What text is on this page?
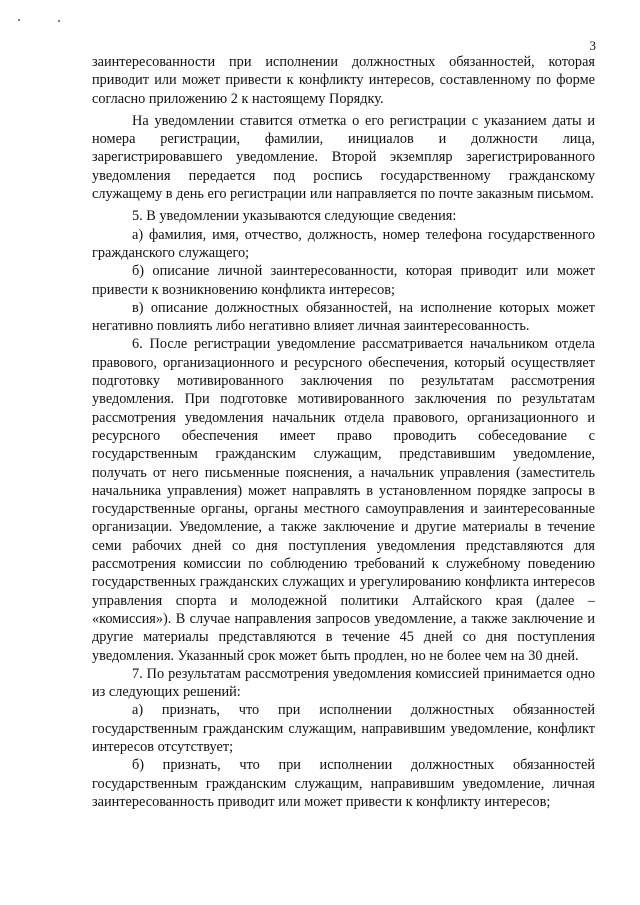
3

заинтересованности при исполнении должностных обязанностей, которая приводит или может привести к конфликту интересов, составленному по форме согласно приложению 2 к настоящему Порядку.

На уведомлении ставится отметка о его регистрации с указанием даты и номера регистрации, фамилии, инициалов и должности лица, зарегистрировавшего уведомление. Второй экземпляр зарегистрированного уведомления передается под роспись государственному гражданскому служащему в день его регистрации или направляется по почте заказным письмом.

5. В уведомлении указываются следующие сведения:

а) фамилия, имя, отчество, должность, номер телефона государственного гражданского служащего;

б) описание личной заинтересованности, которая приводит или может привести к возникновению конфликта интересов;

в) описание должностных обязанностей, на исполнение которых может негативно повлиять либо негативно влияет личная заинтересованность.

6. После регистрации уведомление рассматривается начальником отдела правового, организационного и ресурсного обеспечения, который осуществляет подготовку мотивированного заключения по результатам рассмотрения уведомления. При подготовке мотивированного заключения по результатам рассмотрения уведомления начальник отдела правового, организационного и ресурсного обеспечения имеет право проводить собеседование с государственным гражданским служащим, представившим уведомление, получать от него письменные пояснения, а начальник управления (заместитель начальника управления) может направлять в установленном порядке запросы в государственные органы, органы местного самоуправления и заинтересованные организации. Уведомление, а также заключение и другие материалы в течение семи рабочих дней со дня поступления уведомления представляются для рассмотрения комиссии по соблюдению требований к служебному поведению государственных гражданских служащих и урегулированию конфликта интересов управления спорта и молодежной политики Алтайского края (далее – «комиссия»). В случае направления запросов уведомление, а также заключение и другие материалы представляются в течение 45 дней со дня поступления уведомления. Указанный срок может быть продлен, но не более чем на 30 дней.

7. По результатам рассмотрения уведомления комиссией принимается одно из следующих решений:

а) признать, что при исполнении должностных обязанностей государственным гражданским служащим, направившим уведомление, конфликт интересов отсутствует;

б) признать, что при исполнении должностных обязанностей государственным гражданским служащим, направившим уведомление, личная заинтересованность приводит или может привести к конфликту интересов;
